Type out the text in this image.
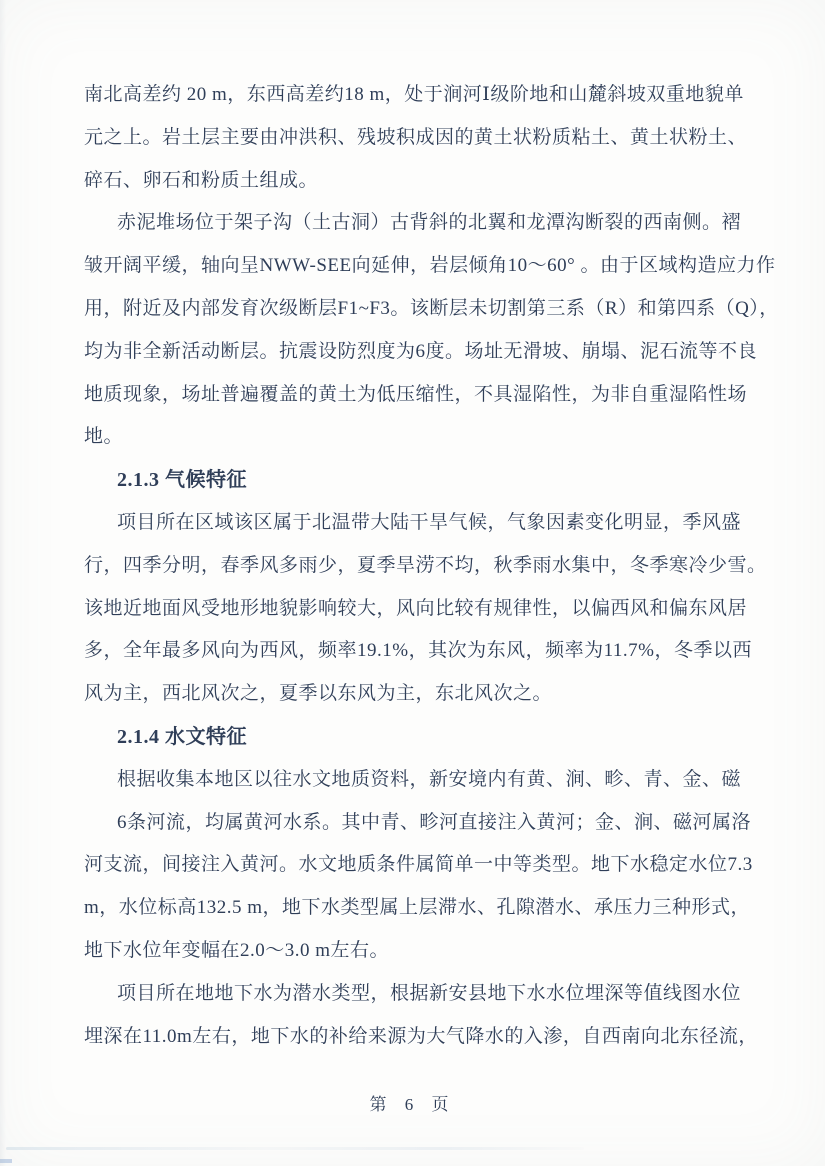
南北高差约 20 m，东西高差约18 m，处于涧河Ⅰ级阶地和山麓斜坡双重地貌单
元之上。岩土层主要由冲洪积、残坡积成因的黄土状粉质粘土、黄土状粉土、
碎石、卵石和粉质土组成。
赤泥堆场位于架子沟（土古洞）古背斜的北翼和龙潭沟断裂的西南侧。褶
皱开阔平缓，轴向呈NWW-SEE向延伸，岩层倾角10～60° 。由于区域构造应力作
用，附近及内部发育次级断层F1~F3。该断层未切割第三系（R）和第四系（Q），
均为非全新活动断层。抗震设防烈度为6度。场址无滑坡、崩塌、泥石流等不良
地质现象，场址普遍覆盖的黄土为低压缩性，不具湿陷性，为非自重湿陷性场
地。
2.1.3 气候特征
项目所在区域该区属于北温带大陆干旱气候，气象因素变化明显，季风盛
行，四季分明，春季风多雨少，夏季旱涝不均，秋季雨水集中，冬季寒冷少雪。
该地近地面风受地形地貌影响较大，风向比较有规律性，以偏西风和偏东风居
多，全年最多风向为西风，频率19.1%，其次为东风，频率为11.7%，冬季以西
风为主，西北风次之，夏季以东风为主，东北风次之。
2.1.4 水文特征
根据收集本地区以往水文地质资料，新安境内有黄、涧、畛、青、金、磁
6条河流，均属黄河水系。其中青、畛河直接注入黄河；金、涧、磁河属洛
河支流，间接注入黄河。水文地质条件属简单一中等类型。地下水稳定水位7.3
m，水位标高132.5 m，地下水类型属上层滞水、孔隙潜水、承压力三种形式，
地下水位年变幅在2.0～3.0 m左右。
项目所在地地下水为潜水类型，根据新安县地下水水位埋深等值线图水位
埋深在11.0m左右，地下水的补给来源为大气降水的入渗，自西南向北东径流，
第 6 页
